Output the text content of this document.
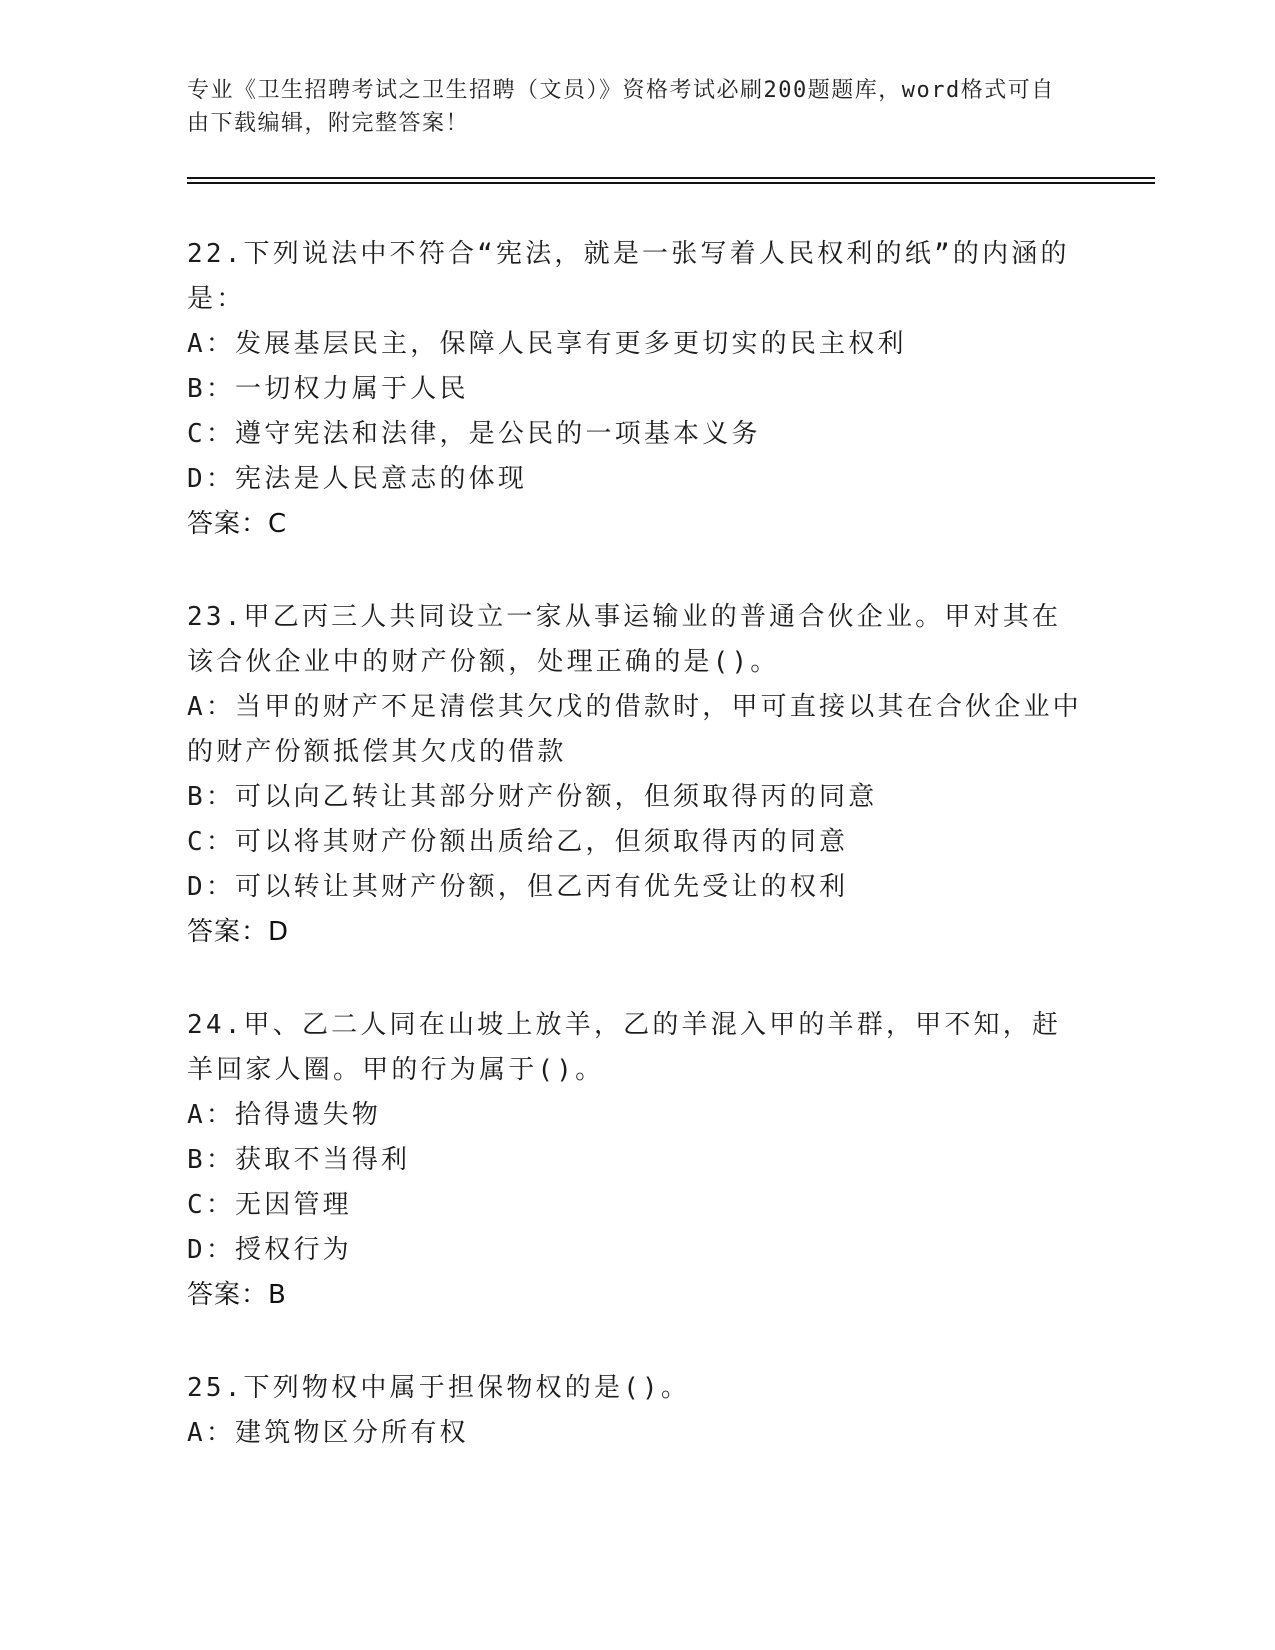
专业《卫生招聘考试之卫生招聘（文员）》资格考试必刷200题题库，word格式可自由下载编辑，附完整答案！

22.下列说法中不符合“宪法，就是一张写着人民权利的纸”的内涵的是：

A：发展基层民主，保障人民享有更多更切实的民主权利

B：一切权力属于人民

C：遵守宪法和法律，是公民的一项基本义务

D：宪法是人民意志的体现

答案：C

23.甲乙丙三人共同设立一家从事运输业的普通合伙企业。甲对其在该合伙企业中的财产份额，处理正确的是()。

A：当甲的财产不足清偿其欠戊的借款时，甲可直接以其在合伙企业中的财产份额抵偿其欠戊的借款

B：可以向乙转让其部分财产份额，但须取得丙的同意

C：可以将其财产份额出质给乙，但须取得丙的同意

D：可以转让其财产份额，但乙丙有优先受让的权利

答案：D

24.甲、乙二人同在山坡上放羊，乙的羊混入甲的羊群，甲不知，赶羊回家人圈。甲的行为属于()。

A：拾得遗失物

B：获取不当得利

C：无因管理

D：授权行为

答案：B

25.下列物权中属于担保物权的是()。

A：建筑物区分所有权
